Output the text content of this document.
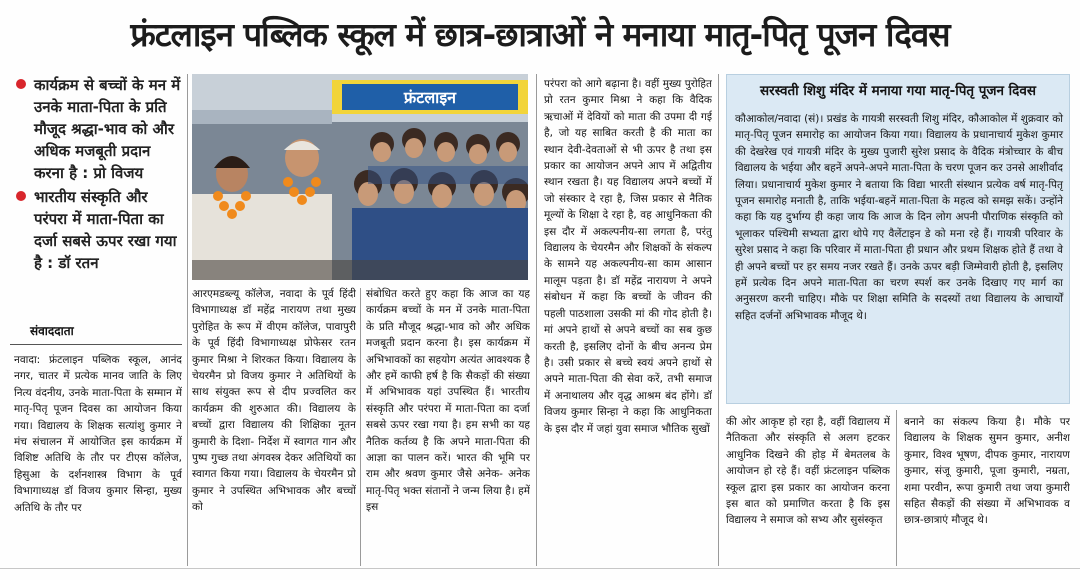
फ्रंटलाइन पब्लिक स्कूल में छात्र-छात्राओं ने मनाया मातृ-पितृ पूजन दिवस
कार्यक्रम से बच्चों के मन में उनके माता-पिता के प्रति मौजूद श्रद्धा-भाव को और अधिक मजबूती प्रदान करना है : प्रो विजय
भारतीय संस्कृति और परंपरा में माता-पिता का दर्जा सबसे ऊपर रखा गया है : डॉ रतन
संवाददाता

नवादा: फ्रंटलाइन पब्लिक स्कूल, आनंद नगर, चातर में प्रत्येक मानव जाति के लिए नित्य वंदनीय, उनके माता-पिता के सम्मान में मातृ-पितृ पूजन दिवस का आयोजन किया गया। विद्यालय के शिक्षक सत्यांशु कुमार ने मंच संचालन में आयोजित इस कार्यक्रम में विशिष्ट अतिथि के तौर पर टीएस कॉलेज, हिसुआ के दर्शनशास्त्र विभाग के पूर्व विभागाध्यक्ष डॉ विजय कुमार सिन्हा, मुख्य अतिथि के तौर पर

फ्रंटलाइन

आरएमडब्ल्यू कॉलेज, नवादा के पूर्व हिंदी विभागाध्यक्ष डॉ महेंद्र नारायण तथा मुख्य पुरोहित के रूप में वीएम कॉलेज, पावापुरी के पूर्व हिंदी विभागाध्यक्ष प्रोफेसर रतन कुमार मिश्रा ने शिरकत किया। विद्यालय के चेयरमैन प्रो विजय कुमार ने अतिथियों के साथ संयुक्त रूप से दीप प्रज्वलित कर कार्यक्रम की शुरुआत की। विद्यालय के बच्चों द्वारा विद्यालय की शिक्षिका नूतन कुमारी के दिशा- निर्देश में स्वागत गान और पुष्प गुच्छ तथा अंगवस्त्र देकर अतिथियों का स्वागत किया गया। विद्यालय के चेयरमैन प्रो कुमार ने उपस्थित अभिभावक और बच्चों को

संबोधित करते हुए कहा कि आज का यह कार्यक्रम बच्चों के मन में उनके माता-पिता के प्रति मौजूद श्रद्धा-भाव को और अधिक मजबूती प्रदान करना है। इस कार्यक्रम में अभिभावकों का सहयोग अत्यंत आवश्यक है और हमें काफी हर्ष है कि सैकड़ों की संख्या में अभिभावक यहां उपस्थित हैं। भारतीय संस्कृति और परंपरा में माता-पिता का दर्जा सबसे ऊपर रखा गया है। हम सभी का यह नैतिक कर्तव्य है कि अपने माता-पिता की आज्ञा का पालन करें। भारत की भूमि पर राम और श्रवण कुमार जैसे अनेक- अनेक मातृ-पितृ भक्त संतानों ने जन्म लिया है। हमें इस

परंपरा को आगे बढ़ाना है। वहीं मुख्य पुरोहित प्रो रतन कुमार मिश्रा ने कहा कि वैदिक ऋचाओं में देवियों को माता की उपमा दी गई है, जो यह साबित करती है की माता का स्थान देवी-देवताओं से भी ऊपर है तथा इस प्रकार का आयोजन अपने आप में अद्वितीय स्थान रखता है। यह विद्यालय अपने बच्चों में जो संस्कार दे रहा है, जिस प्रकार से नैतिक मूल्यों के शिक्षा दे रहा है, वह आधुनिकता की इस दौर में अकल्पनीय-सा लगता है, परंतु विद्यालय के चेयरमैन और शिक्षकों के संकल्प के सामने यह अकल्पनीय-सा काम आसान मालूम पड़ता है। डॉ महेंद्र नारायण ने अपने संबोधन में कहा कि बच्चों के जीवन की पहली पाठशाला उसकी मां की गोद होती है। मां अपने हाथों से अपने बच्चों का सब कुछ करती है, इसलिए दोनों के बीच अनन्य प्रेम है। उसी प्रकार से बच्चे स्वयं अपने हाथों से अपने माता-पिता की सेवा करें, तभी समाज में अनाथालय और वृद्ध आश्रम बंद होंगे। डॉ विजय कुमार सिन्हा ने कहा कि आधुनिकता के इस दौर में जहां युवा समाज भौतिक सुखों

सरस्वती शिशु मंदिर में मनाया गया मातृ-पितृ पूजन दिवस
कौआकोल/नवादा (सं)। प्रखंड के गायत्री सरस्वती शिशु मंदिर, कौआकोल में शुक्रवार को मातृ-पितृ पूजन समारोह का आयोजन किया गया। विद्यालय के प्रधानाचार्य मुकेश कुमार की देखरेख एवं गायत्री मंदिर के मुख्य पुजारी सुरेश प्रसाद के वैदिक मंत्रोच्चार के बीच विद्यालय के भईया और बहनें अपने-अपने माता-पिता के चरण पूजन कर उनसे आशीर्वाद लिया। प्रधानाचार्य मुकेश कुमार ने बताया कि विद्या भारती संस्थान प्रत्येक वर्ष मातृ-पितृ पूजन समारोह मनाती है, ताकि भईया-बहनें माता-पिता के महत्व को समझ सकें। उन्होंने कहा कि यह दुर्भाग्य ही कहा जाय कि आज के दिन लोग अपनी पौराणिक संस्कृति को भूलाकर पश्चिमी सभ्यता द्वारा थोपे गए वैलेंटाइन डे को मना रहे हैं। गायत्री परिवार के सुरेश प्रसाद ने कहा कि परिवार में माता-पिता ही प्रधान और प्रथम शिक्षक होते हैं तथा वे ही अपने बच्चों पर हर समय नजर रखते हैं। उनके ऊपर बड़ी जिम्मेवारी होती है, इसलिए हमें प्रत्येक दिन अपने माता-पिता का चरण स्पर्श कर उनके दिखाए गए मार्ग का अनुसरण करनी चाहिए। मौके पर शिक्षा समिति के सदस्यों तथा विद्यालय के आचार्यों सहित दर्जनों अभिभावक मौजूद थे।

की ओर आकृष्ट हो रहा है, वहीं विद्यालय में नैतिकता और संस्कृति से अलग हटकर आधुनिक दिखने की होड़ में बेमतलब के आयोजन हो रहे हैं। वहीं फ्रंटलाइन पब्लिक स्कूल द्वारा इस प्रकार का आयोजन करना इस बात को प्रमाणित करता है कि इस विद्यालय ने समाज को सभ्य और सुसंस्कृत

बनाने का संकल्प किया है। मौके पर विद्यालय के शिक्षक सुमन कुमार, अनीश कुमार, विश्व भूषण, दीपक कुमार, नारायण कुमार, संजू कुमारी, पूजा कुमारी, नम्रता, शमा परवीन, रूपा कुमारी तथा जया कुमारी सहित सैकड़ों की संख्या में अभिभावक व छात्र-छात्राएं मौजूद थे।
